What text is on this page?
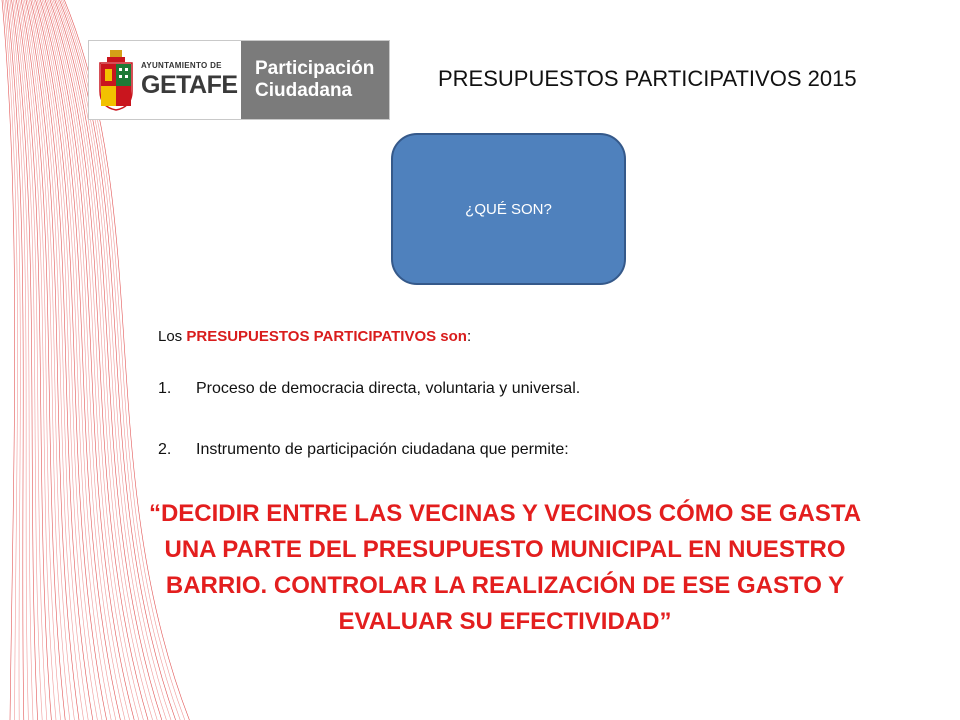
AYUNTAMIENTO DE
GETAFE
Participación
Ciudadana	PRESUPUESTOS PARTICIPATIVOS 2015
¿QUÉ SON?
Los PRESUPUESTOS PARTICIPATIVOS son:
1. Proceso de democracia directa, voluntaria y universal.
2. Instrumento de participación ciudadana que permite:
“DECIDIR ENTRE LAS VECINAS Y VECINOS CÓMO SE GASTA UNA PARTE DEL PRESUPUESTO MUNICIPAL EN NUESTRO BARRIO. CONTROLAR LA REALIZACIÓN DE ESE GASTO Y EVALUAR SU EFECTIVIDAD”
